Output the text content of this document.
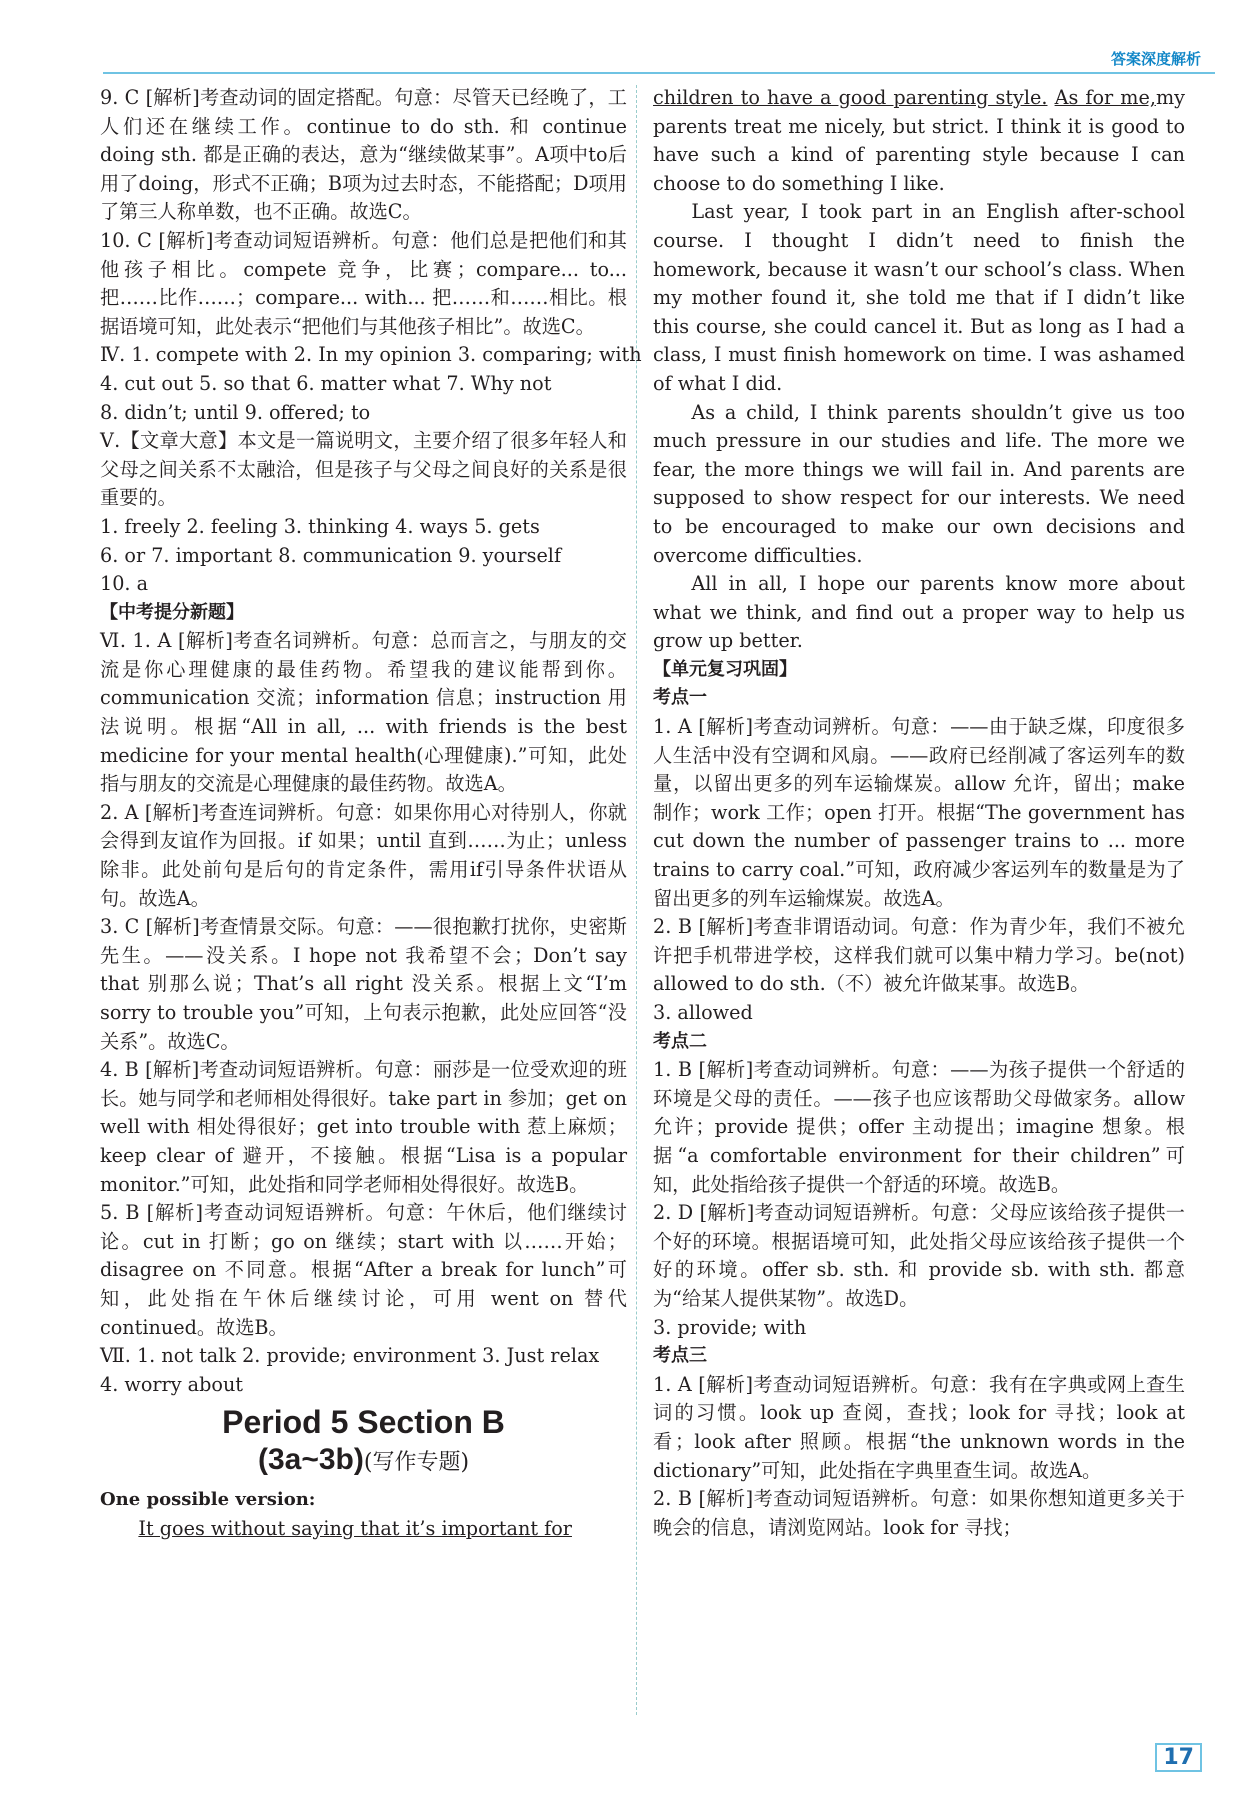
答案深度解析

9. C [解析]考查动词的固定搭配。句意：尽管天已经晚了，工人们还在继续工作。continue to do sth. 和 continue doing sth. 都是正确的表达，意为“继续做某事”。A项中to后用了doing，形式不正确；B项为过去时态，不能搭配；D项用了第三人称单数，也不正确。故选C。

10. C [解析]考查动词短语辨析。句意：他们总是把他们和其他孩子相比。compete 竞争，比赛；compare... to... 把……比作……；compare... with... 把……和……相比。根据语境可知，此处表示“把他们与其他孩子相比”。故选C。

Ⅳ. 1. compete with 2. In my opinion 3. comparing; with
4. cut out 5. so that 6. matter what 7. Why not
8. didn’t; until 9. offered; to

Ⅴ.【文章大意】本文是一篇说明文，主要介绍了很多年轻人和父母之间关系不太融洽，但是孩子与父母之间良好的关系是很重要的。

1. freely 2. feeling 3. thinking 4. ways 5. gets
6. or 7. important 8. communication 9. yourself
10. a
【中考提分新题】

Ⅵ. 1. A [解析]考查名词辨析。句意：总而言之，与朋友的交流是你心理健康的最佳药物。希望我的建议能帮到你。communication 交流；information 信息；instruction 用法说明。根据“All in all, ... with friends is the best medicine for your mental health(心理健康).”可知，此处指与朋友的交流是心理健康的最佳药物。故选A。

2. A [解析]考查连词辨析。句意：如果你用心对待别人，你就会得到友谊作为回报。if 如果；until 直到……为止；unless 除非。此处前句是后句的肯定条件，需用if引导条件状语从句。故选A。

3. C [解析]考查情景交际。句意：——很抱歉打扰你，史密斯先生。——没关系。I hope not 我希望不会；Don’t say that 别那么说；That’s all right 没关系。根据上文“I’m sorry to trouble you”可知，上句表示抱歉，此处应回答“没关系”。故选C。

4. B [解析]考查动词短语辨析。句意：丽莎是一位受欢迎的班长。她与同学和老师相处得很好。take part in 参加；get on well with 相处得很好；get into trouble with 惹上麻烦；keep clear of 避开，不接触。根据“Lisa is a popular monitor.”可知，此处指和同学老师相处得很好。故选B。

5. B [解析]考查动词短语辨析。句意：午休后，他们继续讨论。cut in 打断；go on 继续；start with 以……开始；disagree on 不同意。根据“After a break for lunch”可知，此处指在午休后继续讨论，可用 went on 替代 continued。故选B。

Ⅶ. 1. not talk 2. provide; environment 3. Just relax
4. worry about
Period 5 Section B
(3a~3b)(写作专题)
One possible version:

It goes without saying that it’s important for

children to have a good parenting style. As for me,my parents treat me nicely, but strict. I think it is good to have such a kind of parenting style because I can choose to do something I like.

Last year, I took part in an English after-school course. I thought I didn’t need to finish the homework, because it wasn’t our school’s class. When my mother found it, she told me that if I didn’t like this course, she could cancel it. But as long as I had a class, I must finish homework on time. I was ashamed of what I did.

As a child, I think parents shouldn’t give us too much pressure in our studies and life. The more we fear, the more things we will fail in. And parents are supposed to show respect for our interests. We need to be encouraged to make our own decisions and overcome difficulties.

All in all, I hope our parents know more about what we think, and find out a proper way to help us grow up better.

【单元复习巩固】
考点一

1. A [解析]考查动词辨析。句意：——由于缺乏煤，印度很多人生活中没有空调和风扇。——政府已经削减了客运列车的数量，以留出更多的列车运输煤炭。allow 允许，留出；make 制作；work 工作；open 打开。根据“The government has cut down the number of passenger trains to ... more trains to carry coal.”可知，政府减少客运列车的数量是为了留出更多的列车运输煤炭。故选A。

2. B [解析]考查非谓语动词。句意：作为青少年，我们不被允许把手机带进学校，这样我们就可以集中精力学习。be(not) allowed to do sth.（不）被允许做某事。故选B。

3. allowed
考点二

1. B [解析]考查动词辨析。句意：——为孩子提供一个舒适的环境是父母的责任。——孩子也应该帮助父母做家务。allow 允许；provide 提供；offer 主动提出；imagine 想象。根据“a comfortable environment for their children”可知，此处指给孩子提供一个舒适的环境。故选B。

2. D [解析]考查动词短语辨析。句意：父母应该给孩子提供一个好的环境。根据语境可知，此处指父母应该给孩子提供一个好的环境。offer sb. sth. 和 provide sb. with sth. 都意为“给某人提供某物”。故选D。

3. provide; with
考点三

1. A [解析]考查动词短语辨析。句意：我有在字典或网上查生词的习惯。look up 查阅，查找；look for 寻找；look at 看；look after 照顾。根据“the unknown words in the dictionary”可知，此处指在字典里查生词。故选A。

2. B [解析]考查动词短语辨析。句意：如果你想知道更多关于晚会的信息，请浏览网站。look for 寻找；

17
